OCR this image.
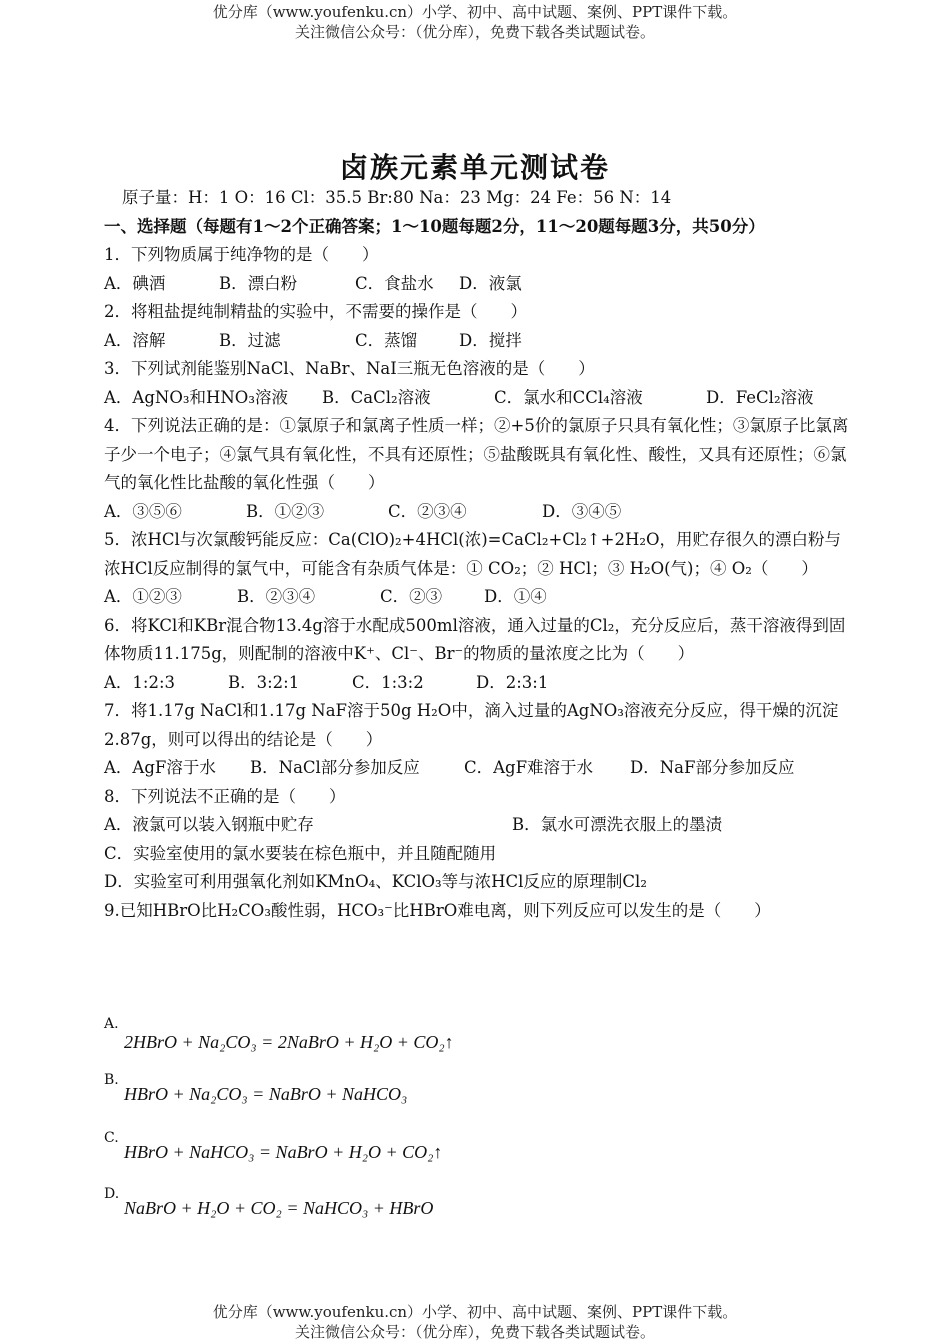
优分库（www.youfenku.cn）小学、初中、高中试题、案例、PPT课件下载。
关注微信公众号：（优分库），免费下载各类试题试卷。
卤族元素单元测试卷
原子量：H：1 O：16 Cl：35.5 Br:80 Na：23 Mg：24 Fe：56 N：14
一、选择题（每题有1～2个正确答案；1～10题每题2分，11～20题每题3分，共50分）
1．下列物质属于纯净物的是（　　）
A．碘酒	B．漂白粉	C．食盐水 D．液氯
2．将粗盐提纯制精盐的实验中，不需要的操作是（　　）
A．溶解	B．过滤	C．蒸馏	D．搅拌
3．下列试剂能鉴别NaCl、NaBr、NaI三瓶无色溶液的是（　　）
A．AgNO₃和HNO₃溶液 B．CaCl₂溶液	C．氯水和CCl₄溶液	D．FeCl₂溶液
4．下列说法正确的是：①氯原子和氯离子性质一样；②+5价的氯原子只具有氧化性；③氯原子比氯离子少一个电子；④氯气具有氧化性，不具有还原性；⑤盐酸既具有氧化性、酸性，又具有还原性；⑥氯气的氧化性比盐酸的氧化性强（　　）
A．③⑤⑥	B．①②③	C．②③④	D．③④⑤
5．浓HCl与次氯酸钙能反应：Ca(ClO)₂+4HCl(浓)=CaCl₂+Cl₂↑+2H₂O，用贮存很久的漂白粉与浓HCl反应制得的氯气中，可能含有杂质气体是：① CO₂；② HCl；③ H₂O(气)；④ O₂（　　）
A．①②③	B．②③④	C．②③	D．①④
6．将KCl和KBr混合物13.4g溶于水配成500ml溶液，通入过量的Cl₂，充分反应后，蒸干溶液得到固体物质11.175g，则配制的溶液中K⁺、Cl⁻、Br⁻的物质的量浓度之比为（　　）
A．1:2:3	B．3:2:1	C．1:3:2	D．2:3:1
7．将1.17g NaCl和1.17g NaF溶于50g H₂O中，滴入过量的AgNO₃溶液充分反应，得干燥的沉淀2.87g，则可以得出的结论是（　　）
A．AgF溶于水 B．NaCl部分参加反应	C．AgF难溶于水 D．NaF部分参加反应
8．下列说法不正确的是（　　）
A．液氯可以装入钢瓶中贮存	B．氯水可漂洗衣服上的墨渍
C．实验室使用的氯水要装在棕色瓶中，并且随配随用
D．实验室可利用强氧化剂如KMnO₄、KClO₃等与浓HCl反应的原理制Cl₂
9.已知HBrO比H₂CO₃酸性弱，HCO₃⁻比HBrO难电离，则下列反应可以发生的是（　　）
A.
2HBrO + Na₂CO₃ = 2NaBrO + H₂O + CO₂↑
B.
HBrO + Na₂CO₃ = NaBrO + NaHCO₃
C.
HBrO + NaHCO₃ = NaBrO + H₂O + CO₂↑
D.
NaBrO + H₂O + CO₂ = NaHCO₃ + HBrO
优分库（www.youfenku.cn）小学、初中、高中试题、案例、PPT课件下载。
关注微信公众号：（优分库），免费下载各类试题试卷。
